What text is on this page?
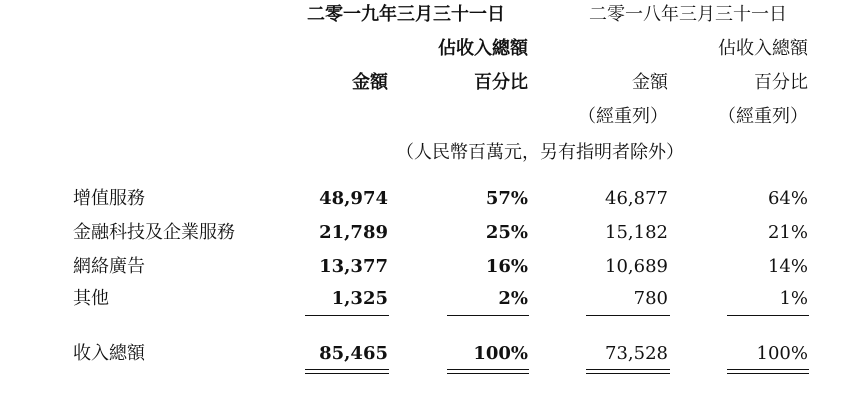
二零一九年三月三十一日	二零一八年三月三十一日
佔收入總額	佔收入總額
金額	百分比	金額	百分比
（經重列）	（經重列）
（人民幣百萬元，另有指明者除外）
增值服務	48,974	57%	46,877	64%
金融科技及企業服務	21,789	25%	15,182	21%
網絡廣告	13,377	16%	10,689	14%
其他	1,325	2%	780	1%
收入總額	85,465	100%	73,528	100%
